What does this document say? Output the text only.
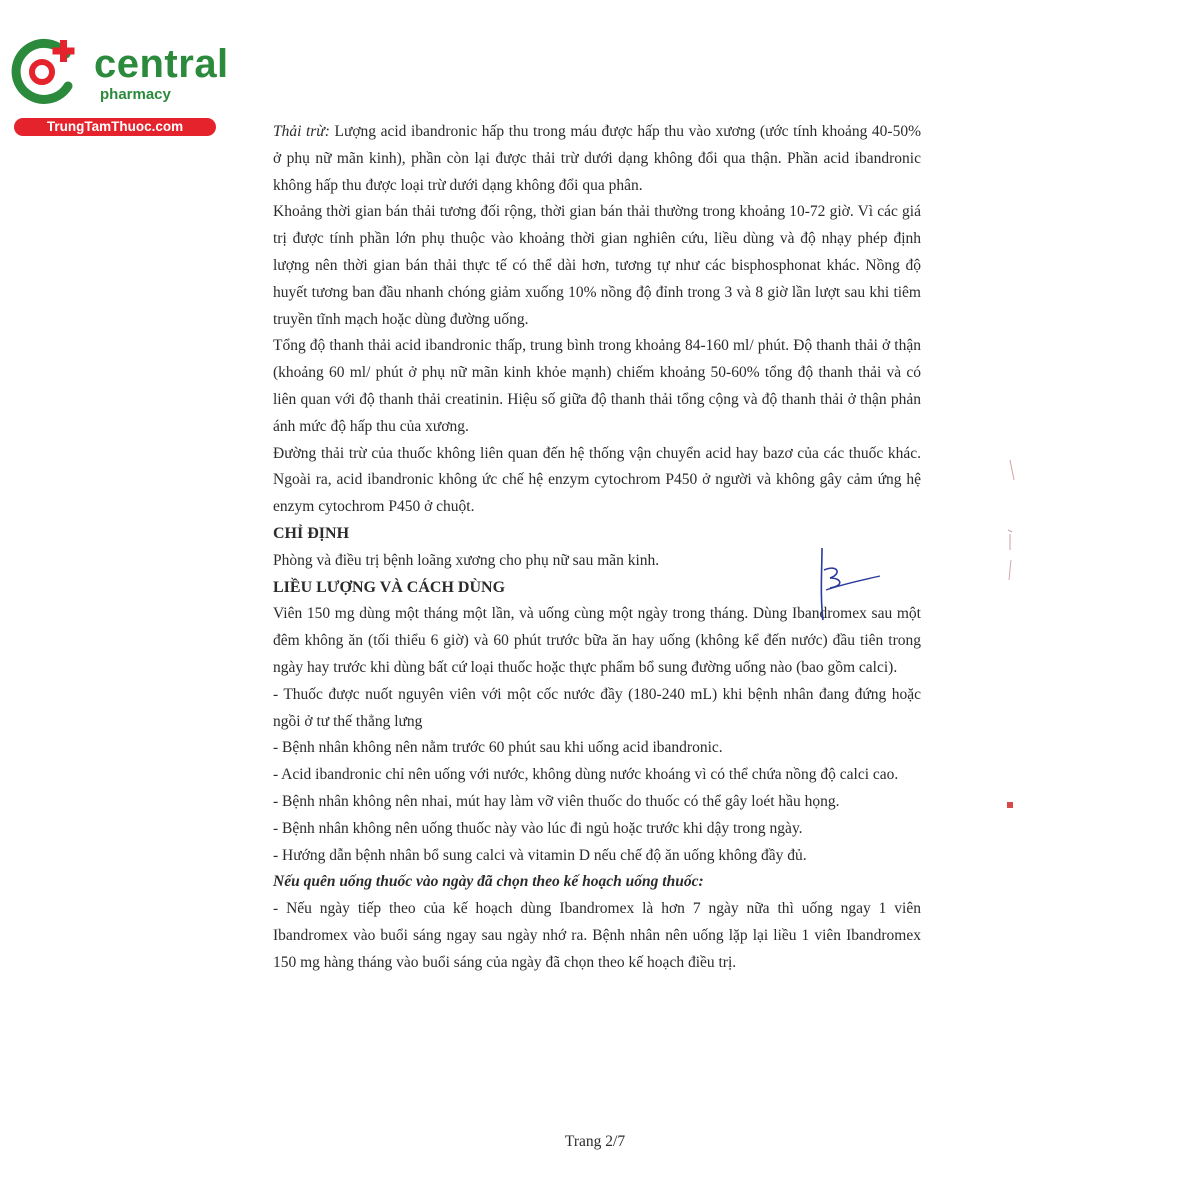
central
pharmacy
TrungTamThuoc.com	Thải trừ: Lượng acid ibandronic hấp thu trong máu được hấp thu vào xương (ước tính khoảng 40-50% ở phụ nữ mãn kinh), phần còn lại được thải trừ dưới dạng không đổi qua thận. Phần acid ibandronic không hấp thu được loại trừ dưới dạng không đổi qua phân.

Khoảng thời gian bán thải tương đối rộng, thời gian bán thải thường trong khoảng 10-72 giờ. Vì các giá trị được tính phần lớn phụ thuộc vào khoảng thời gian nghiên cứu, liều dùng và độ nhạy phép định lượng nên thời gian bán thải thực tế có thể dài hơn, tương tự như các bisphosphonat khác. Nồng độ huyết tương ban đầu nhanh chóng giảm xuống 10% nồng độ đỉnh trong 3 và 8 giờ lần lượt sau khi tiêm truyền tĩnh mạch hoặc dùng đường uống.

Tổng độ thanh thải acid ibandronic thấp, trung bình trong khoảng 84-160 ml/ phút. Độ thanh thải ở thận (khoảng 60 ml/ phút ở phụ nữ mãn kinh khỏe mạnh) chiếm khoảng 50-60% tổng độ thanh thải và có liên quan với độ thanh thải creatinin. Hiệu số giữa độ thanh thải tổng cộng và độ thanh thải ở thận phản ánh mức độ hấp thu của xương.

Đường thải trừ của thuốc không liên quan đến hệ thống vận chuyển acid hay bazơ của các thuốc khác. Ngoài ra, acid ibandronic không ức chế hệ enzym cytochrom P450 ở người và không gây cảm ứng hệ enzym cytochrom P450 ở chuột.

CHỈ ĐỊNH

Phòng và điều trị bệnh loãng xương cho phụ nữ sau mãn kinh.

LIỀU LƯỢNG VÀ CÁCH DÙNG

Viên 150 mg dùng một tháng một lần, và uống cùng một ngày trong tháng. Dùng Ibandromex sau một đêm không ăn (tối thiểu 6 giờ) và 60 phút trước bữa ăn hay uống (không kể đến nước) đầu tiên trong ngày hay trước khi dùng bất cứ loại thuốc hoặc thực phẩm bổ sung đường uống nào (bao gồm calci).

- Thuốc được nuốt nguyên viên với một cốc nước đầy (180-240 mL) khi bệnh nhân đang đứng hoặc ngồi ở tư thế thẳng lưng

- Bệnh nhân không nên nằm trước 60 phút sau khi uống acid ibandronic.

- Acid ibandronic chỉ nên uống với nước, không dùng nước khoáng vì có thể chứa nồng độ calci cao.

- Bệnh nhân không nên nhai, mút hay làm vỡ viên thuốc do thuốc có thể gây loét hầu họng.

- Bệnh nhân không nên uống thuốc này vào lúc đi ngủ hoặc trước khi dậy trong ngày.

- Hướng dẫn bệnh nhân bổ sung calci và vitamin D nếu chế độ ăn uống không đầy đủ.

Nếu quên uống thuốc vào ngày đã chọn theo kế hoạch uống thuốc:

- Nếu ngày tiếp theo của kế hoạch dùng Ibandromex là hơn 7 ngày nữa thì uống ngay 1 viên Ibandromex vào buổi sáng ngay sau ngày nhớ ra. Bệnh nhân nên uống lặp lại liều 1 viên Ibandromex 150 mg hàng tháng vào buổi sáng của ngày đã chọn theo kế hoạch điều trị.

Trang 2/7
